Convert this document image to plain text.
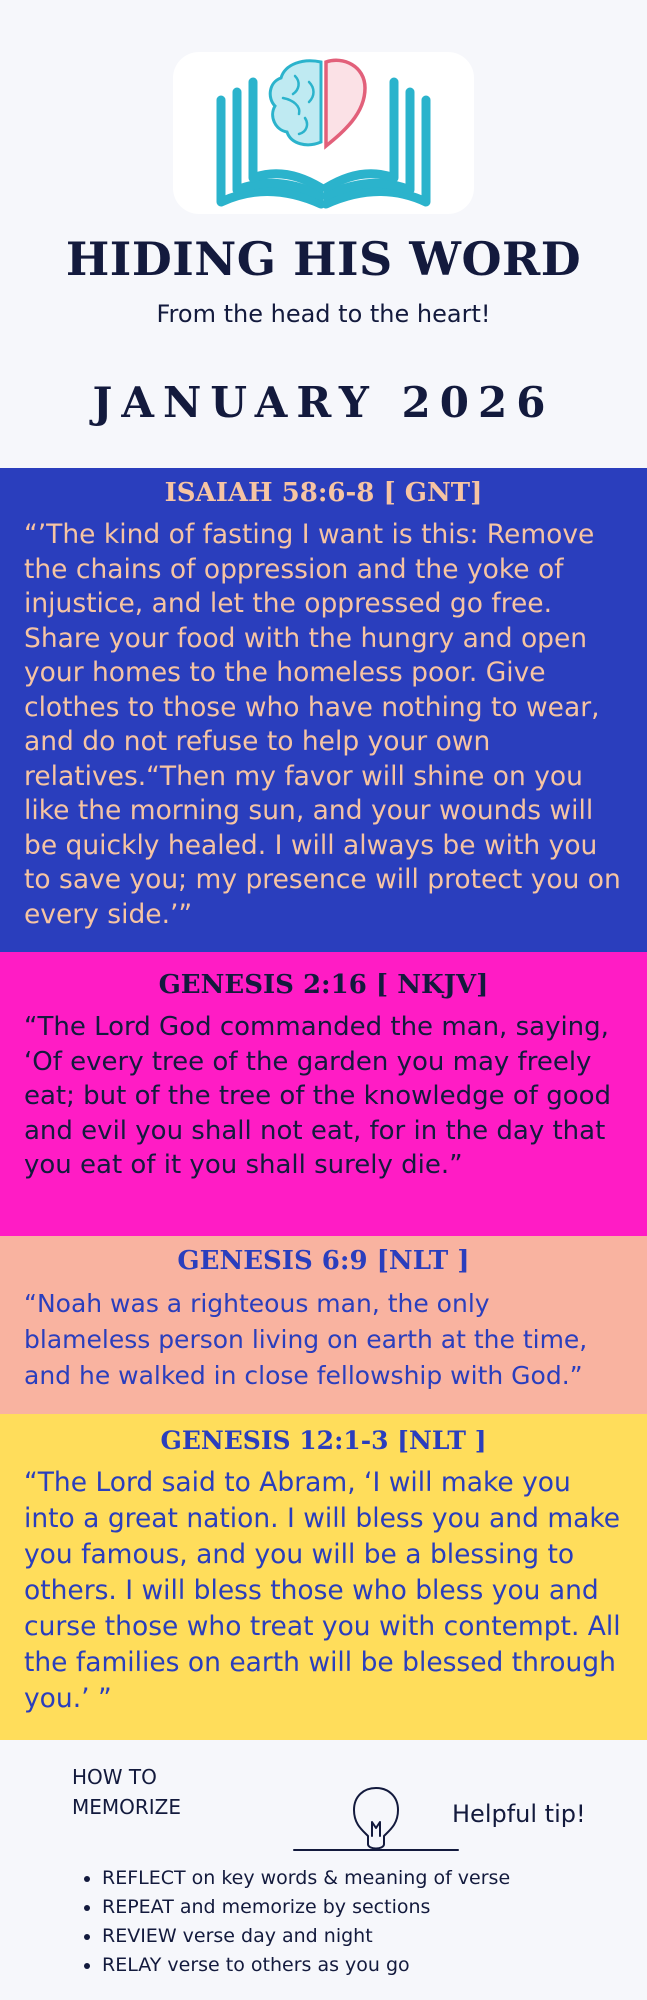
HIDING HIS WORD
From the head to the heart!
JANUARY 2026
ISAIAH 58:6-8 [ GNT]

“’The kind of fasting I want is this: Remove the chains of oppression and the yoke of injustice, and let the oppressed go free. Share your food with the hungry and open your homes to the homeless poor. Give clothes to those who have nothing to wear, and do not refuse to help your own relatives.“Then my favor will shine on you like the morning sun, and your wounds will be quickly healed. I will always be with you to save you; my presence will protect you on every side.’”

GENESIS 2:16 [ NKJV]

“The Lord God commanded the man, saying, ‘Of every tree of the garden you may freely eat; but of the tree of the knowledge of good and evil you shall not eat, for in the day that you eat of it you shall surely die.”

GENESIS 6:9 [NLT ]

“Noah was a righteous man, the only blameless person living on earth at the time, and he walked in close fellowship with God.”

GENESIS 12:1-3 [NLT ]

“The Lord said to Abram, ‘I will make you into a great nation. I will bless you and make you famous, and you will be a blessing to others. I will bless those who bless you and curse those who treat you with contempt. All the families on earth will be blessed through you.’ ”

HOW TO MEMORIZE	Helpful tip!
• REFLECT on key words & meaning of verse
• REPEAT and memorize by sections
• REVIEW verse day and night
• RELAY verse to others as you go
